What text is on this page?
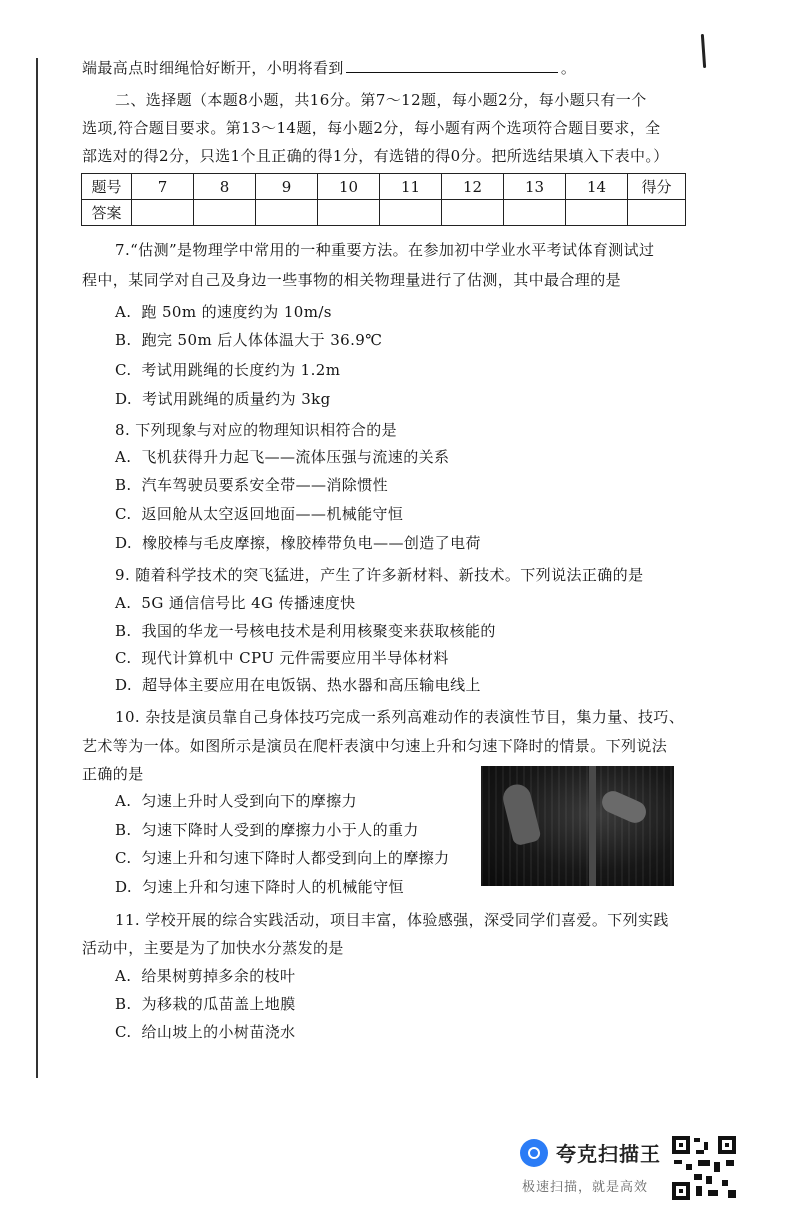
端最高点时细绳恰好断开，小明将看到	。
二、选择题（本题8小题，共16分。第7～12题，每小题2分，每小题只有一个
选项,符合题目要求。第13～14题，每小题2分，每小题有两个选项符合题目要求，全
部选对的得2分，只选1个且正确的得1分，有选错的得0分。把所选结果填入下表中。）
题号	7	8	9	10	11	12	13	14	得分
答案									
7.“估测”是物理学中常用的一种重要方法。在参加初中学业水平考试体育测试过
程中，某同学对自己及身边一些事物的相关物理量进行了估测，其中最合理的是
A. 跑 50m 的速度约为 10m/s
B. 跑完 50m 后人体体温大于 36.9℃
C. 考试用跳绳的长度约为 1.2m
D. 考试用跳绳的质量约为 3kg
8. 下列现象与对应的物理知识相符合的是
A. 飞机获得升力起飞——流体压强与流速的关系
B. 汽车驾驶员要系安全带——消除惯性
C. 返回舱从太空返回地面——机械能守恒
D. 橡胶棒与毛皮摩擦，橡胶棒带负电——创造了电荷
9. 随着科学技术的突飞猛进，产生了许多新材料、新技术。下列说法正确的是
A. 5G 通信信号比 4G 传播速度快
B. 我国的华龙一号核电技术是利用核聚变来获取核能的
C. 现代计算机中 CPU 元件需要应用半导体材料
D. 超导体主要应用在电饭锅、热水器和高压输电线上
10. 杂技是演员靠自己身体技巧完成一系列高难动作的表演性节目，集力量、技巧、
艺术等为一体。如图所示是演员在爬杆表演中匀速上升和匀速下降时的情景。下列说法
正确的是
A. 匀速上升时人受到向下的摩擦力
B. 匀速下降时人受到的摩擦力小于人的重力
C. 匀速上升和匀速下降时人都受到向上的摩擦力
D. 匀速上升和匀速下降时人的机械能守恒
11. 学校开展的综合实践活动，项目丰富，体验感强，深受同学们喜爱。下列实践
活动中，主要是为了加快水分蒸发的是
A. 给果树剪掉多余的枝叶
B. 为移栽的瓜苗盖上地膜
C. 给山坡上的小树苗浇水
夸克扫描王
极速扫描，就是高效
